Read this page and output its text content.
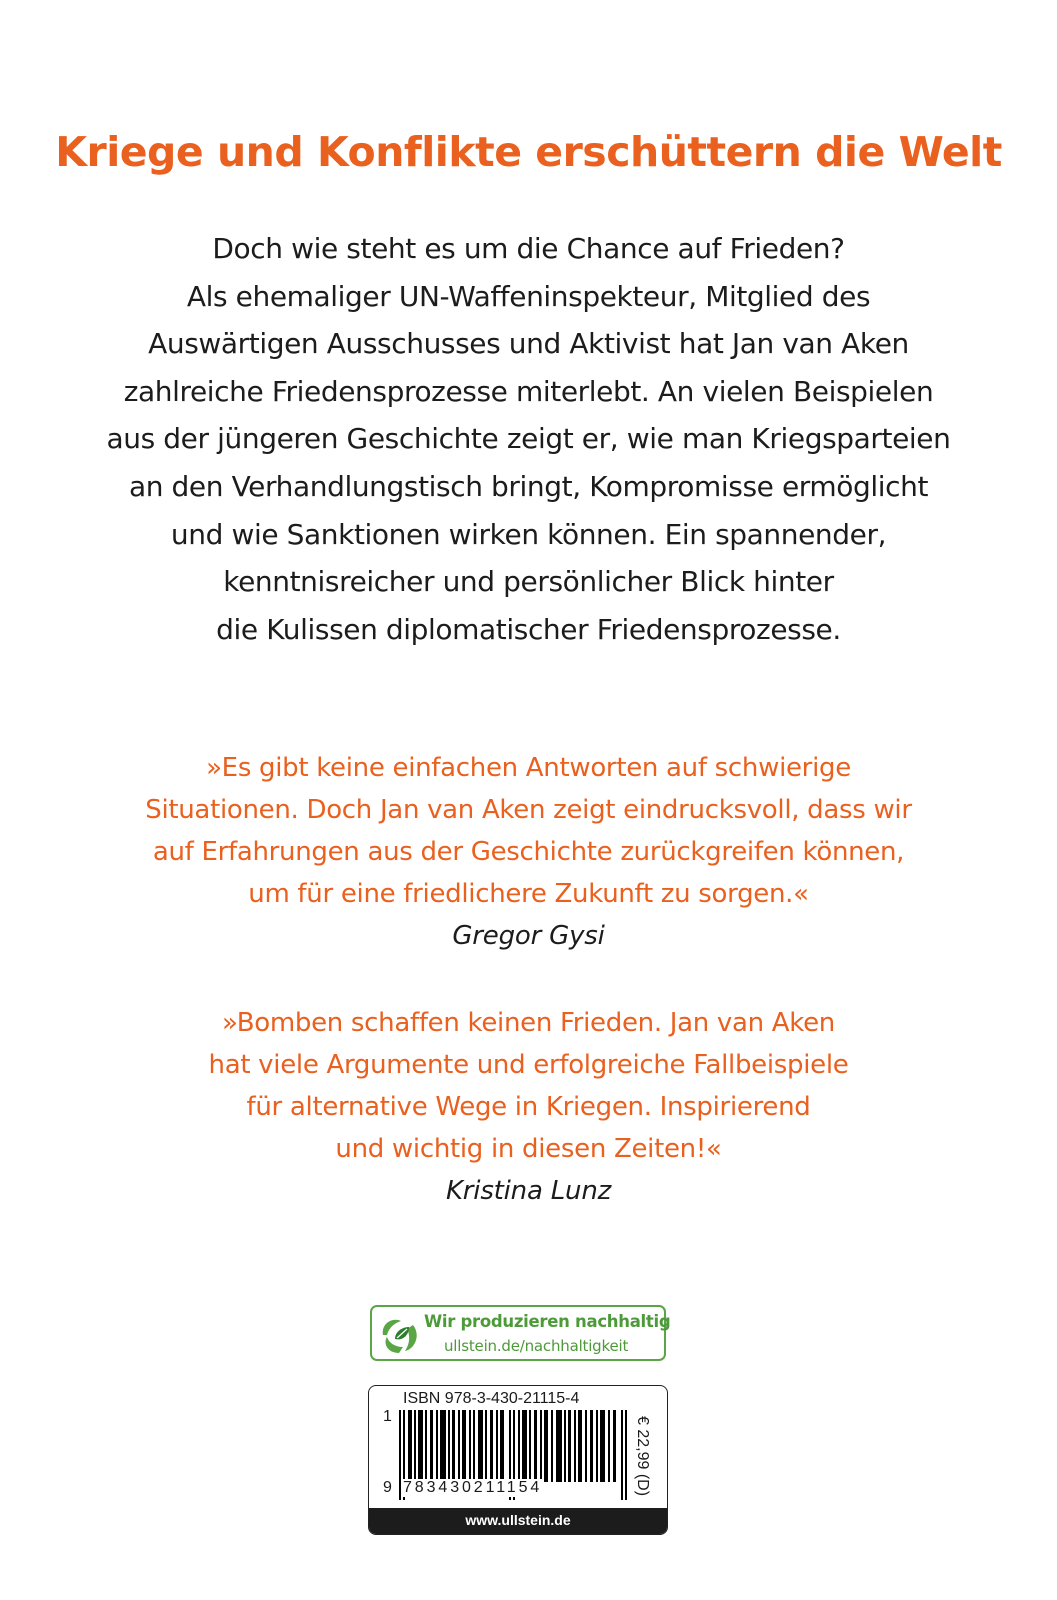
Kriege und Konflikte erschüttern die Welt
Doch wie steht es um die Chance auf Frieden?
Als ehemaliger UN-Waffeninspekteur, Mitglied des
Auswärtigen Ausschusses und Aktivist hat Jan van Aken
zahlreiche Friedensprozesse miterlebt. An vielen Beispielen
aus der jüngeren Geschichte zeigt er, wie man Kriegsparteien
an den Verhandlungstisch bringt, Kompromisse ermöglicht
und wie Sanktionen wirken können. Ein spannender,
kenntnisreicher und persönlicher Blick hinter
die Kulissen diplomatischer Friedensprozesse.
»Es gibt keine einfachen Antworten auf schwierige
Situationen. Doch Jan van Aken zeigt eindrucksvoll, dass wir
auf Erfahrungen aus der Geschichte zurückgreifen können,
um für eine friedlichere Zukunft zu sorgen.«
Gregor Gysi
»Bomben schaffen keinen Frieden. Jan van Aken
hat viele Argumente und erfolgreiche Fallbeispiele
für alternative Wege in Kriegen. Inspirierend
und wichtig in diesen Zeiten!«
Kristina Lunz
Wir produzieren nachhaltig
ullstein.de/nachhaltigkeit
ISBN 978-3-430-21115-4
1
9 783430211154	€ 22,99 (D)
www.ullstein.de
